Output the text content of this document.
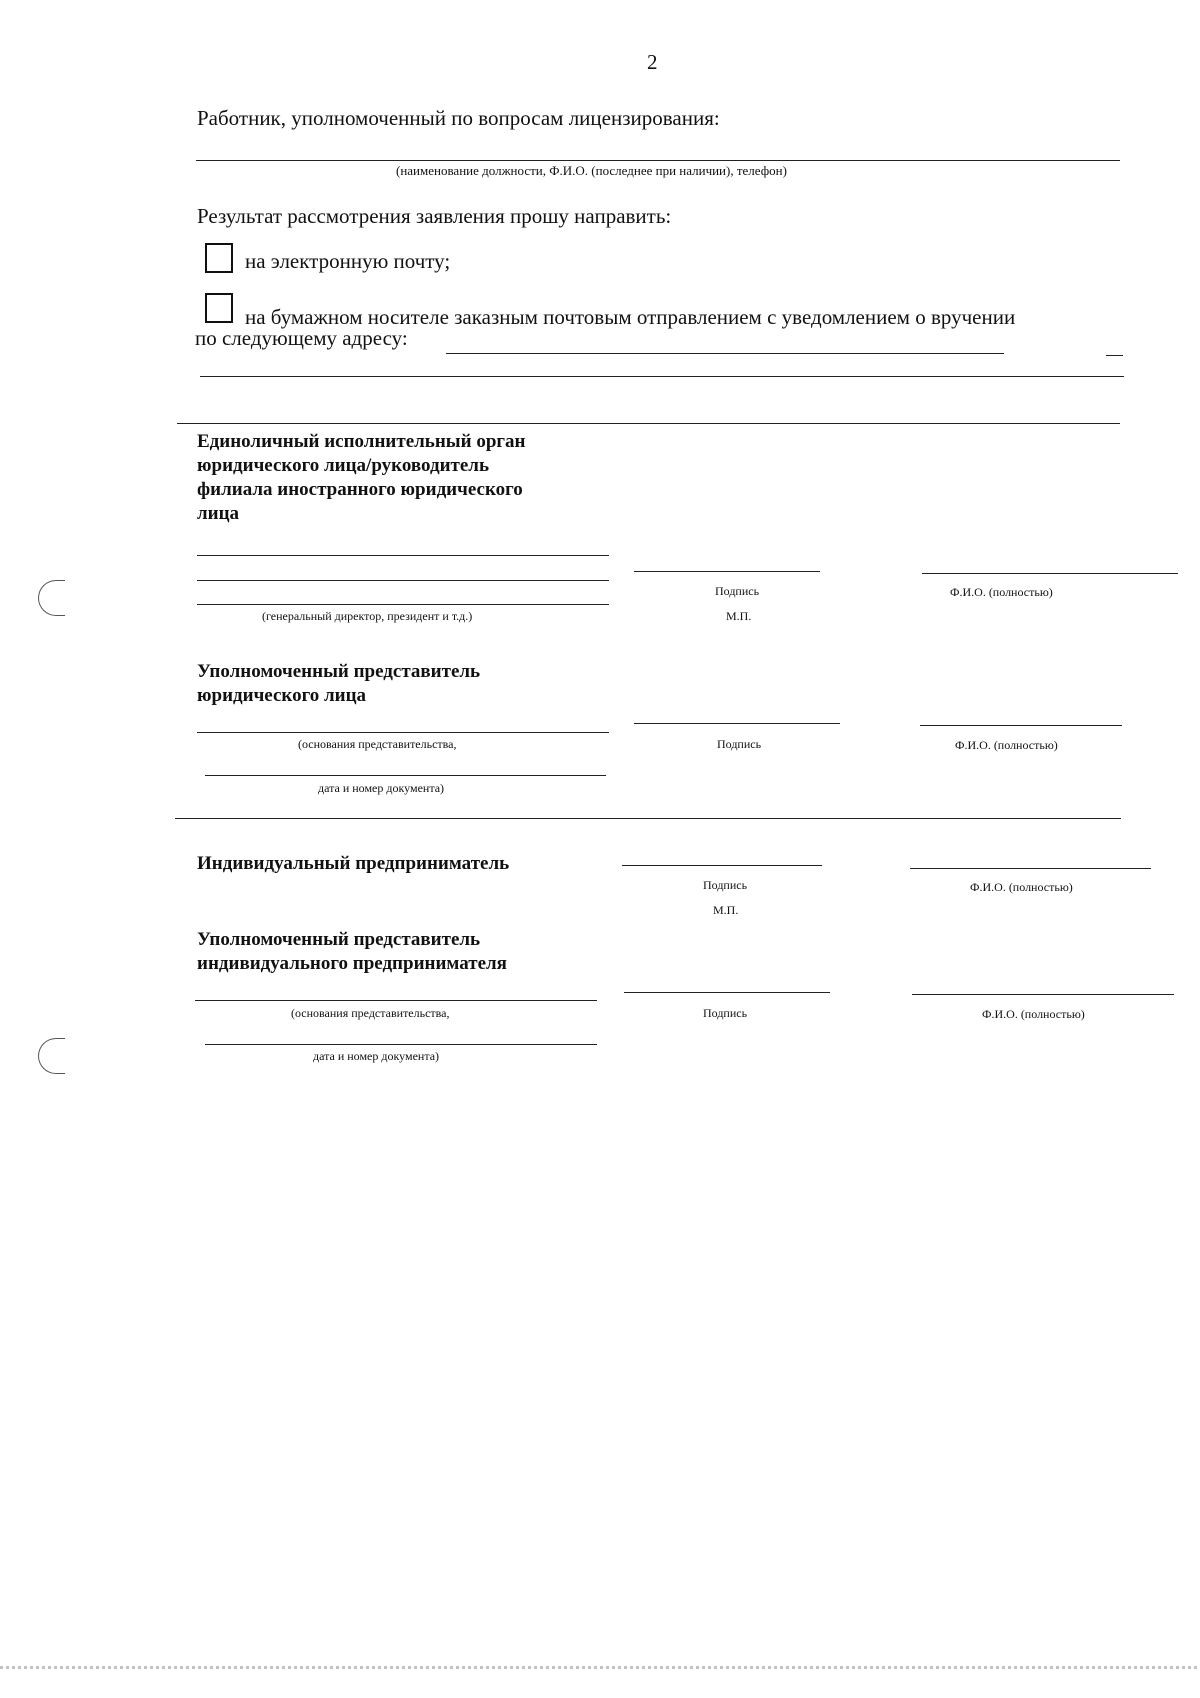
2
Работник, уполномоченный по вопросам лицензирования:
(наименование должности, Ф.И.О. (последнее при наличии), телефон)
Результат рассмотрения заявления прошу направить:
на электронную почту;
на бумажном носителе заказным почтовым отправлением с уведомлением о вручении
по следующему адресу:
Единоличный исполнительный орган
юридического лица/руководитель
филиала иностранного юридического
лица
(генеральный директор, президент и т.д.)
Подпись
М.П.
Ф.И.О. (полностью)
Уполномоченный представитель
юридического лица
(основания представительства,
дата и номер документа)
Подпись	Ф.И.О. (полностью)
Индивидуальный предприниматель
Подпись
М.П.
Ф.И.О. (полностью)
Уполномоченный представитель
индивидуального предпринимателя
(основания представительства,
дата и номер документа)
Подпись	Ф.И.О. (полностью)
